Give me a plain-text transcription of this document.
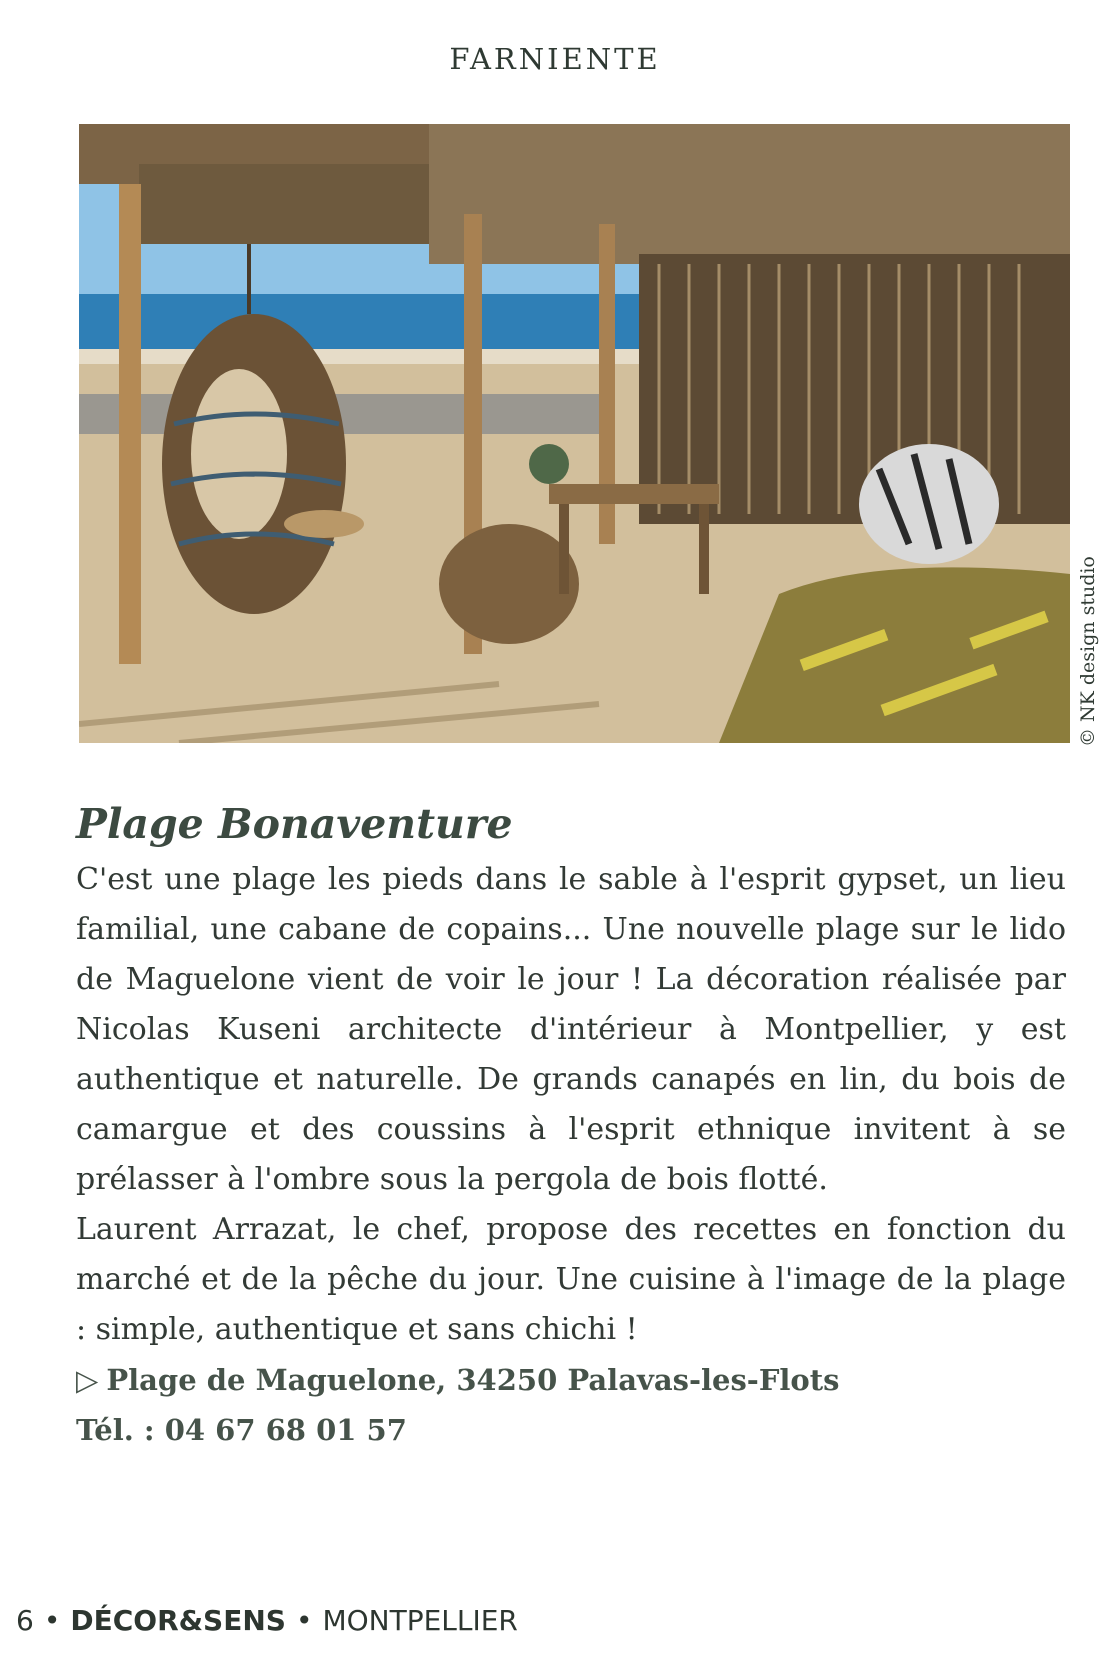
FARNIENTE
© NK design studio
Plage Bonaventure

C'est une plage les pieds dans le sable à l'esprit gypset, un lieu familial, une cabane de copains... Une nouvelle plage sur le lido de Maguelone vient de voir le jour ! La décoration réalisée par Nicolas Kuseni architecte d'intérieur à Montpellier, y est authentique et naturelle. De grands canapés en lin, du bois de camargue et des coussins à l'esprit ethnique invitent à se prélasser à l'ombre sous la pergola de bois flotté.

Laurent Arrazat, le chef, propose des recettes en fonction du marché et de la pêche du jour. Une cuisine à l'image de la plage : simple, authentique et sans chichi !

▷ Plage de Maguelone, 34250 Palavas-les-Flots

Tél. : 04 67 68 01 57

6 • DÉCOR&SENS • MONTPELLIER
